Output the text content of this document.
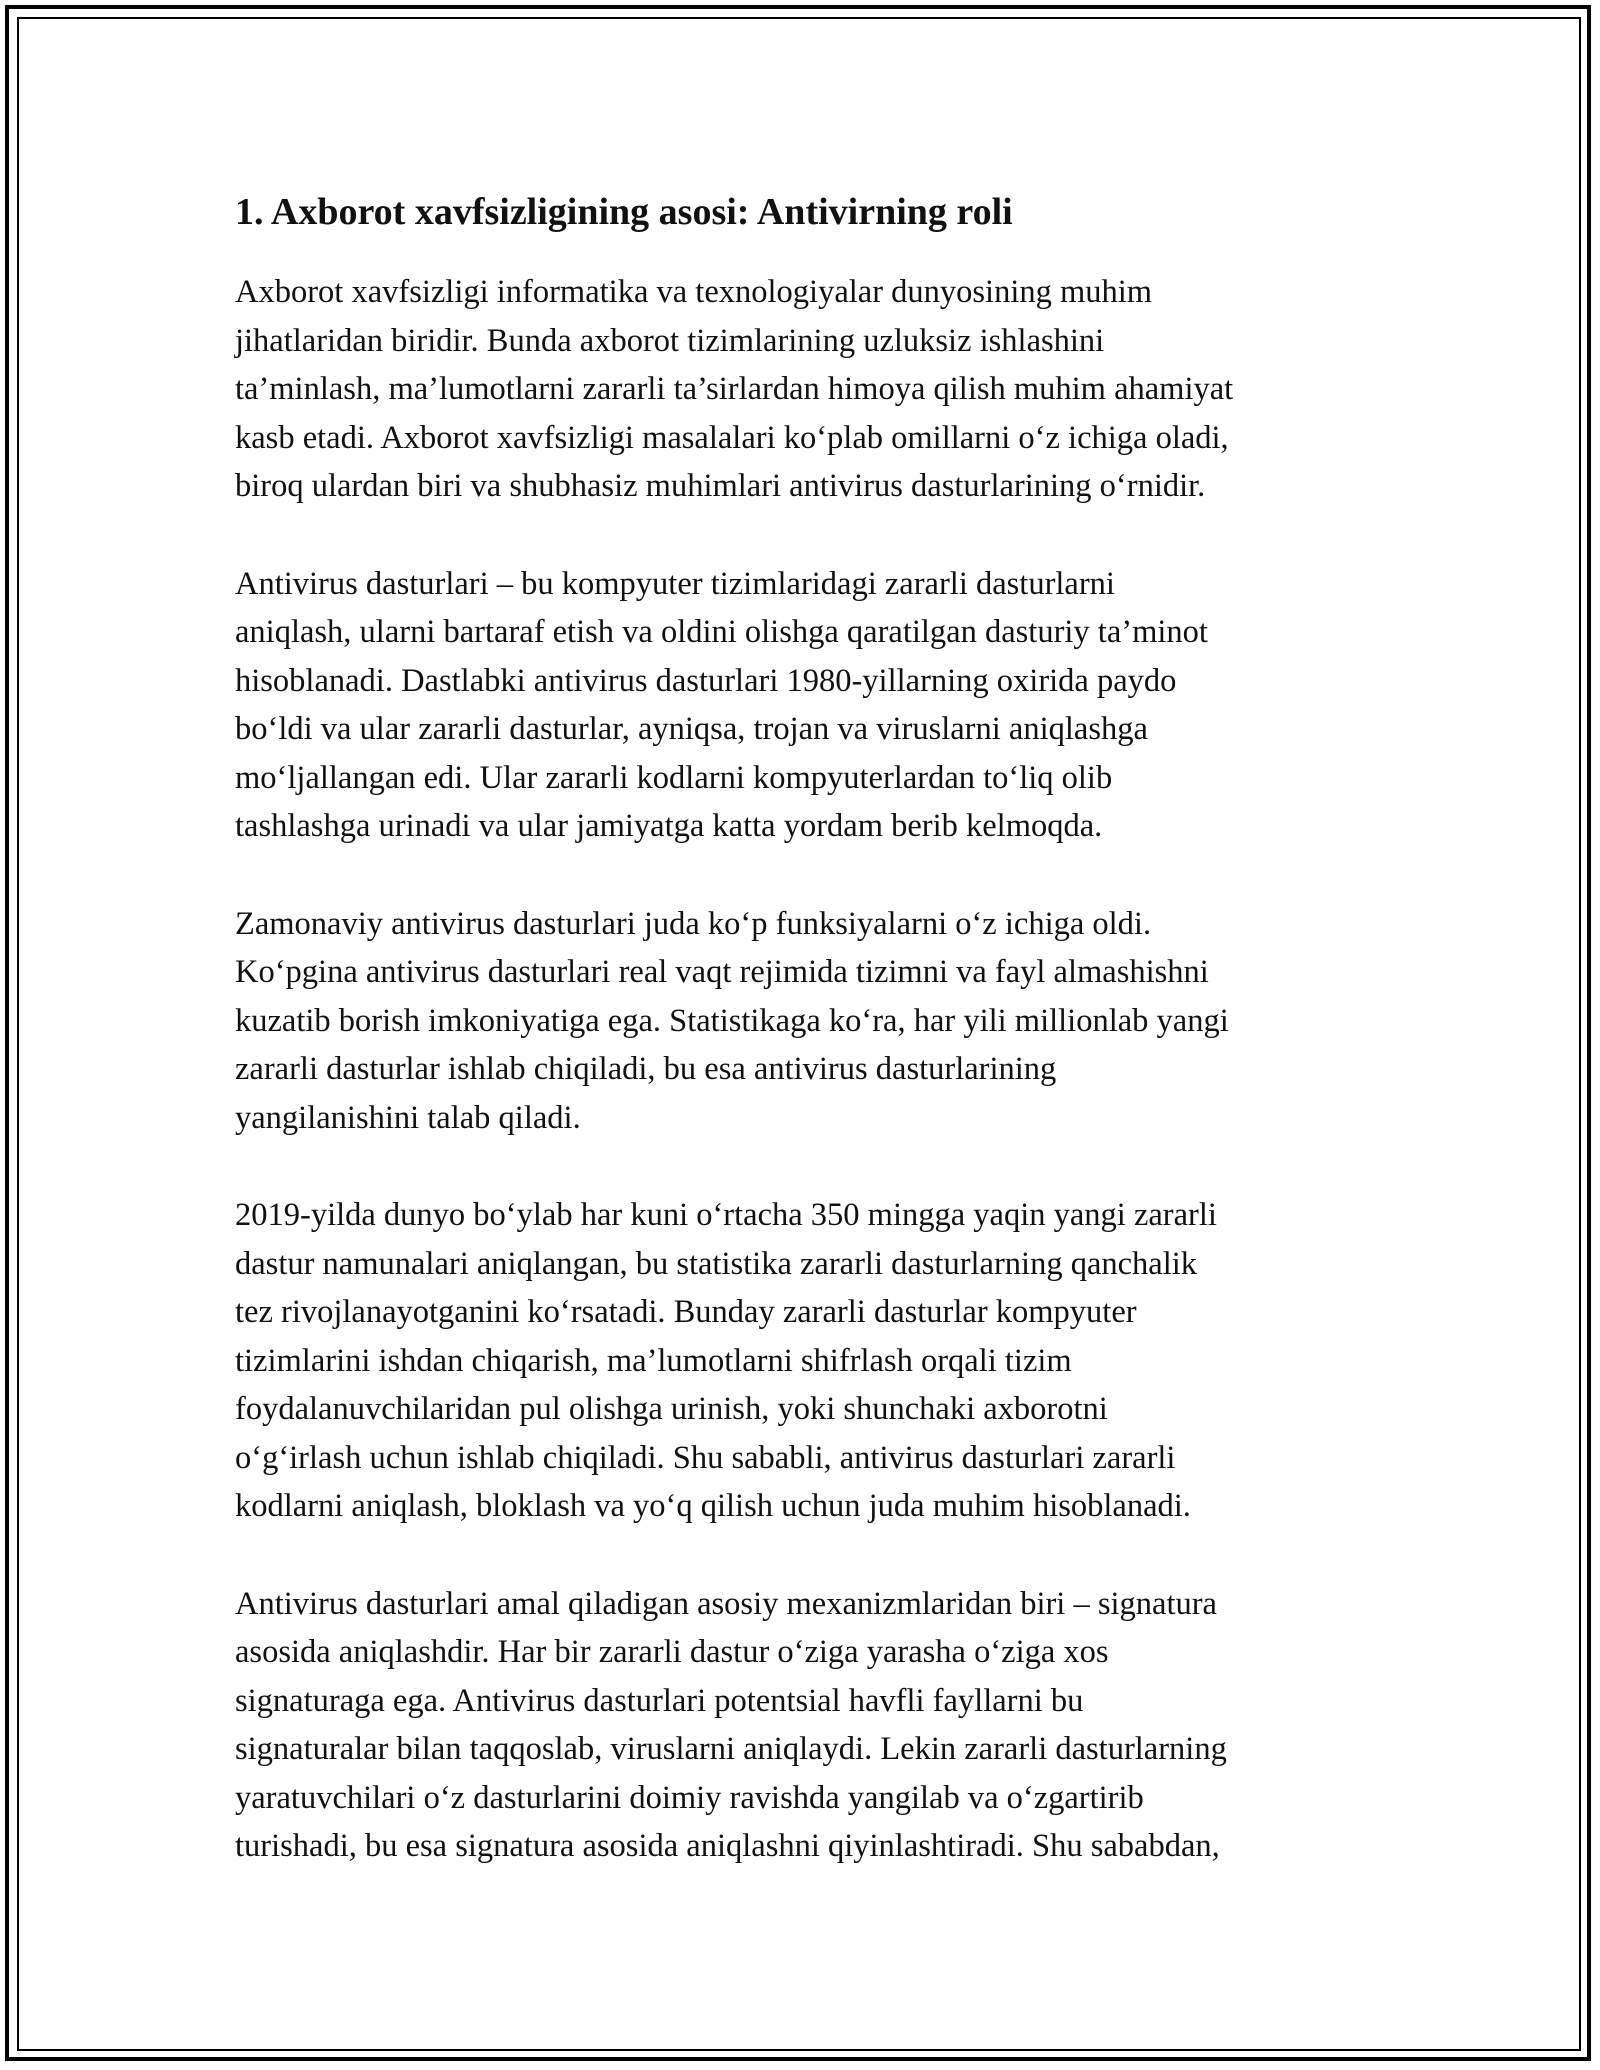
1. Axborot xavfsizligining asosi: Antivirning roli

Axborot xavfsizligi informatika va texnologiyalar dunyosining muhim
jihatlaridan biridir. Bunda axborot tizimlarining uzluksiz ishlashini
ta’minlash, ma’lumotlarni zararli ta’sirlardan himoya qilish muhim ahamiyat
kasb etadi. Axborot xavfsizligi masalalari ko‘plab omillarni o‘z ichiga oladi,
biroq ulardan biri va shubhasiz muhimlari antivirus dasturlarining o‘rnidir.

Antivirus dasturlari – bu kompyuter tizimlaridagi zararli dasturlarni
aniqlash, ularni bartaraf etish va oldini olishga qaratilgan dasturiy ta’minot
hisoblanadi. Dastlabki antivirus dasturlari 1980-yillarning oxirida paydo
bo‘ldi va ular zararli dasturlar, ayniqsa, trojan va viruslarni aniqlashga
mo‘ljallangan edi. Ular zararli kodlarni kompyuterlardan to‘liq olib
tashlashga urinadi va ular jamiyatga katta yordam berib kelmoqda.

Zamonaviy antivirus dasturlari juda ko‘p funksiyalarni o‘z ichiga oldi.
Ko‘pgina antivirus dasturlari real vaqt rejimida tizimni va fayl almashishni
kuzatib borish imkoniyatiga ega. Statistikaga ko‘ra, har yili millionlab yangi
zararli dasturlar ishlab chiqiladi, bu esa antivirus dasturlarining
yangilanishini talab qiladi.

2019-yilda dunyo bo‘ylab har kuni o‘rtacha 350 mingga yaqin yangi zararli
dastur namunalari aniqlangan, bu statistika zararli dasturlarning qanchalik
tez rivojlanayotganini ko‘rsatadi. Bunday zararli dasturlar kompyuter
tizimlarini ishdan chiqarish, ma’lumotlarni shifrlash orqali tizim
foydalanuvchilaridan pul olishga urinish, yoki shunchaki axborotni
o‘g‘irlash uchun ishlab chiqiladi. Shu sababli, antivirus dasturlari zararli
kodlarni aniqlash, bloklash va yo‘q qilish uchun juda muhim hisoblanadi.

Antivirus dasturlari amal qiladigan asosiy mexanizmlaridan biri – signatura
asosida aniqlashdir. Har bir zararli dastur o‘ziga yarasha o‘ziga xos
signaturaga ega. Antivirus dasturlari potentsial havfli fayllarni bu
signaturalar bilan taqqoslab, viruslarni aniqlaydi. Lekin zararli dasturlarning
yaratuvchilari o‘z dasturlarini doimiy ravishda yangilab va o‘zgartirib
turishadi, bu esa signatura asosida aniqlashni qiyinlashtiradi. Shu sababdan,
